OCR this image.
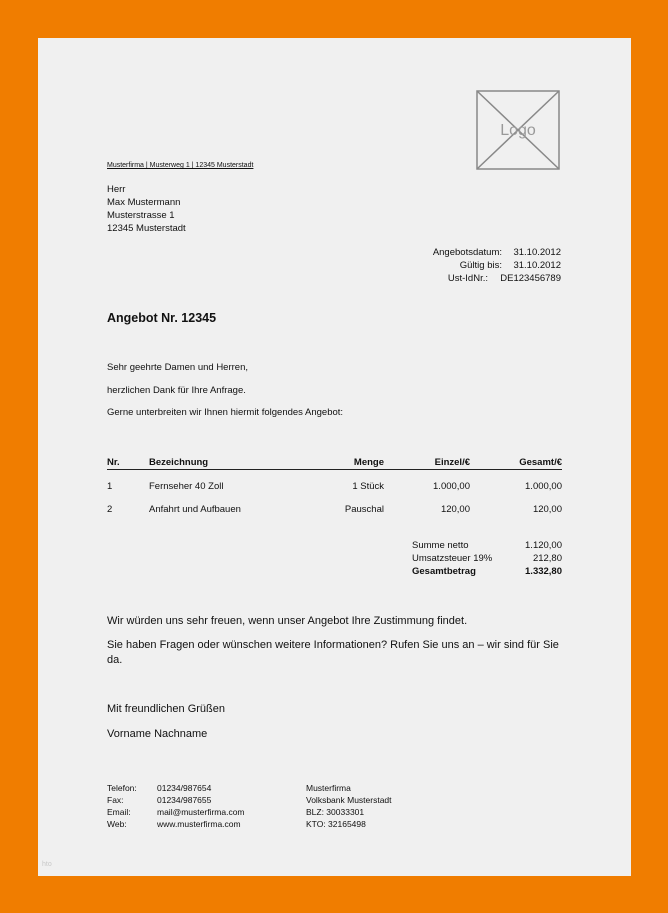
Logo
Musterfirma | Musterweg 1 | 12345 Musterstadt
Herr
Max Mustermann
Musterstrasse 1
12345 Musterstadt
Angebotsdatum:	31.10.2012
Gültig bis:	31.10.2012
Ust-IdNr.:	DE123456789
Angebot Nr. 12345
Sehr geehrte Damen und Herren,
herzlichen Dank für Ihre Anfrage.
Gerne unterbreiten wir Ihnen hiermit folgendes Angebot:
Nr.	Bezeichnung	Menge	Einzel/€	Gesamt/€
1	Fernseher 40 Zoll	1 Stück	1.000,00	1.000,00
2	Anfahrt und Aufbauen	Pauschal	120,00	120,00
Summe netto	1.120,00
Umsatzsteuer 19%	212,80
Gesamtbetrag	1.332,80
Wir würden uns sehr freuen, wenn unser Angebot Ihre Zustimmung findet.
Sie haben Fragen oder wünschen weitere Informationen? Rufen Sie uns an – wir sind für Sie da.
Mit freundlichen Grüßen
Vorname Nachname
Telefon:	01234/987654
Fax:	01234/987655
Email:	mail@musterfirma.com
Web:	www.musterfirma.com
Musterfirma
Volksbank Musterstadt
BLZ: 30033301
KTO: 32165498
hto
